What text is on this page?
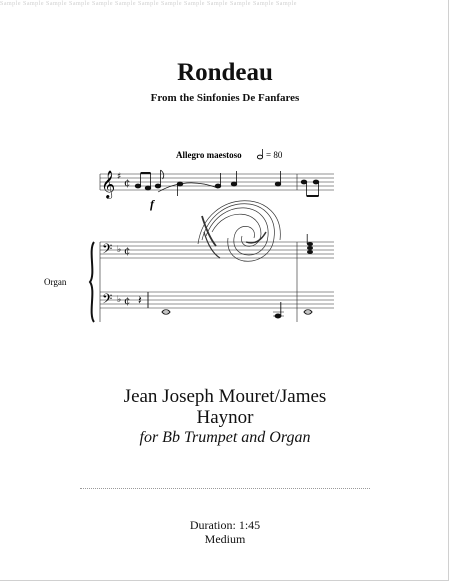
Sample Sample Sample Sample Sample Sample Sample Sample Sample Sample Sample Sample Sample
Rondeau
From the Sinfonies De Fanfares
Allegro maestoso	= 80
𝄞 ♯
¢
f
𝄢 ♭ ¢
𝄢 ♭ ¢ 𝄽
Organ
Jean Joseph Mouret/James
Haynor
for Bb Trumpet and Organ
Duration: 1:45
Medium
